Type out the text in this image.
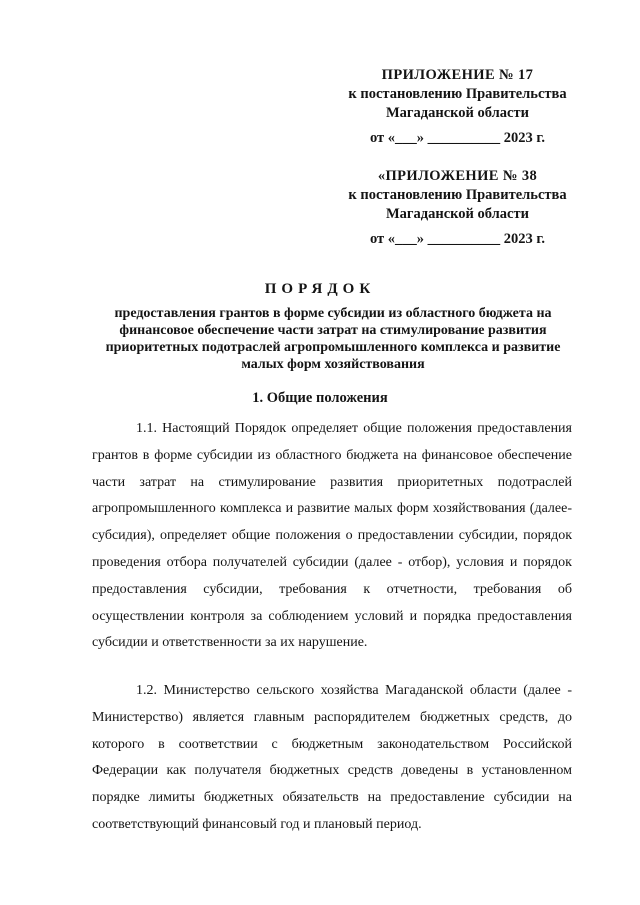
ПРИЛОЖЕНИЕ № 17
к постановлению Правительства
Магаданской области
от «___» __________ 2023 г.
«ПРИЛОЖЕНИЕ № 38
к постановлению Правительства
Магаданской области
от «___» __________ 2023 г.
ПОРЯДОК
предоставления грантов в форме субсидии из областного бюджета на финансовое обеспечение части затрат на стимулирование развития приоритетных подотраслей агропромышленного комплекса и развитие малых форм хозяйствования
1. Общие положения

1.1. Настоящий Порядок определяет общие положения предоставления грантов в форме субсидии из областного бюджета на финансовое обеспечение части затрат на стимулирование развития приоритетных подотраслей агропромышленного комплекса и развитие малых форм хозяйствования (далее- субсидия), определяет общие положения о предоставлении субсидии, порядок проведения отбора получателей субсидии (далее - отбор), условия и порядок предоставления субсидии, требования к отчетности, требования об осуществлении контроля за соблюдением условий и порядка предоставления субсидии и ответственности за их нарушение.

1.2. Министерство сельского хозяйства Магаданской области (далее - Министерство) является главным распорядителем бюджетных средств, до которого в соответствии с бюджетным законодательством Российской Федерации как получателя бюджетных средств доведены в установленном порядке лимиты бюджетных обязательств на предоставление субсидии на соответствующий финансовый год и плановый период.
